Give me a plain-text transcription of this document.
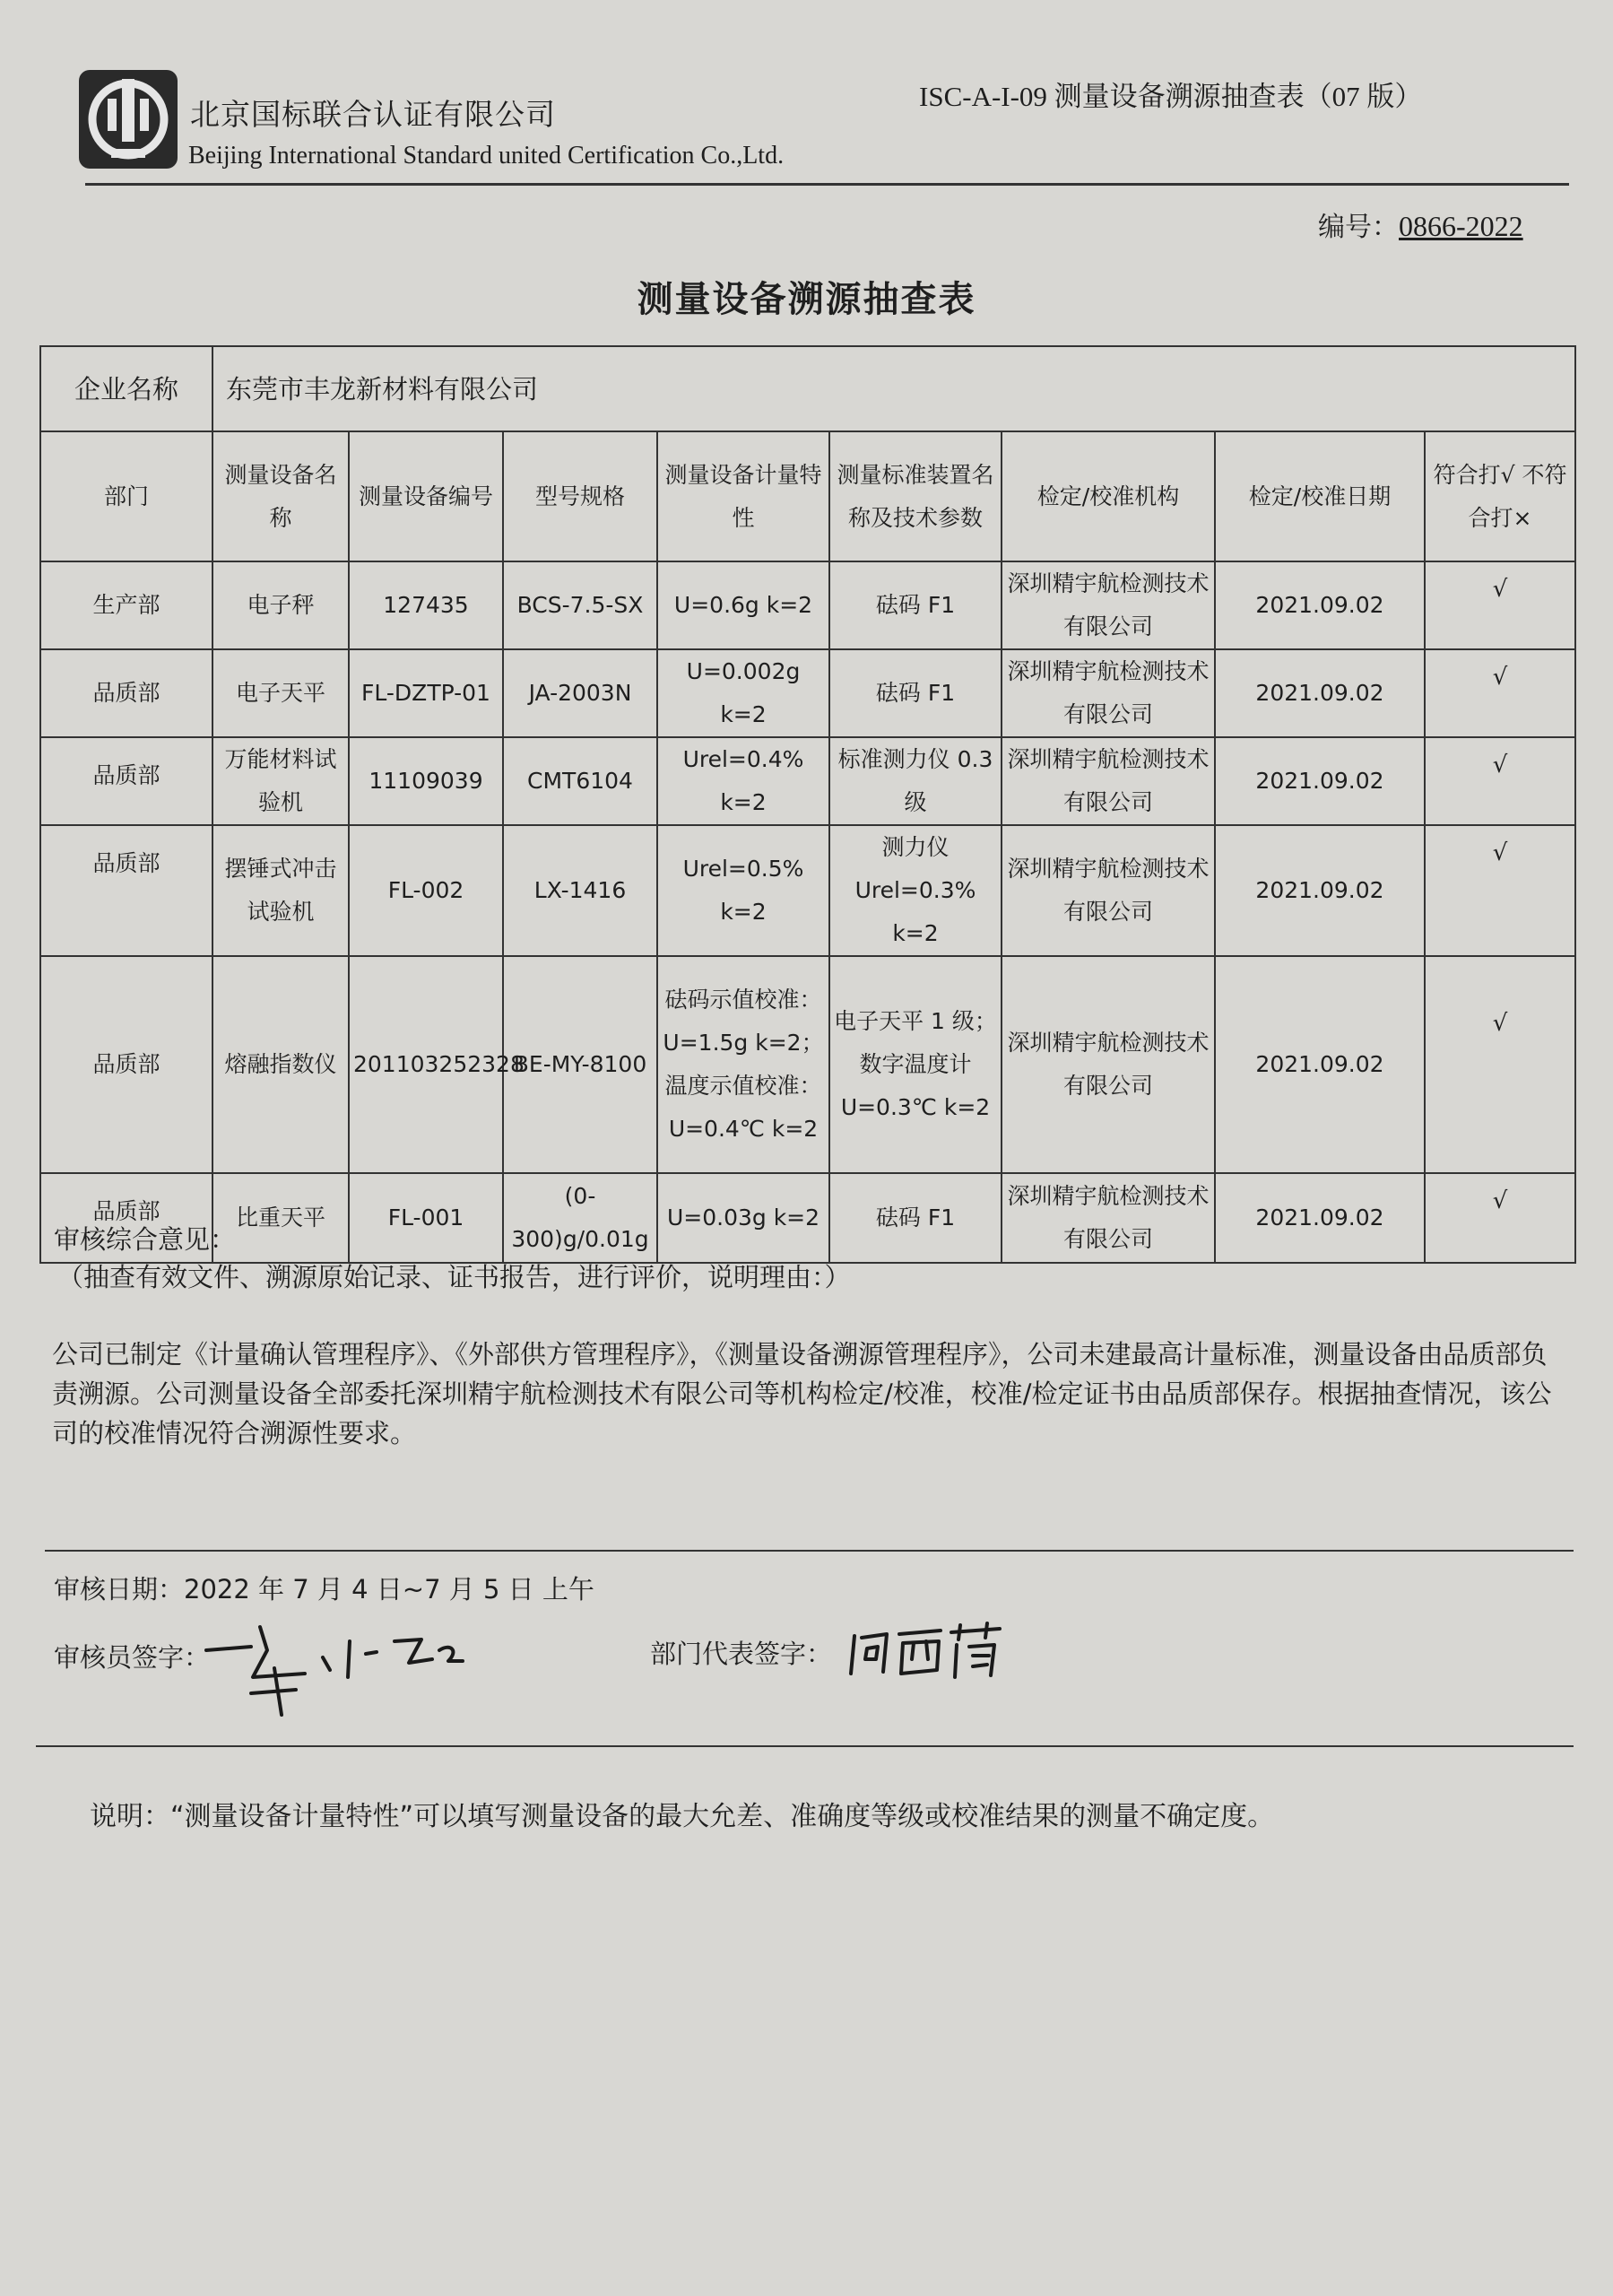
北京国标联合认证有限公司
Beijing International Standard united Certification Co.,Ltd.
ISC-A-I-09 测量设备溯源抽查表（07 版）
编号：0866-2022
测量设备溯源抽查表
企业名称	东莞市丰龙新材料有限公司							
部门	测量设备名称	测量设备编号	型号规格	测量设备计量特性	测量标准装置名称及技术参数	检定/校准机构	检定/校准日期	符合打√ 不符合打×
生产部	电子秤	127435	BCS-7.5-SX	U=0.6g k=2	砝码 F1	深圳精宇航检测技术有限公司	2021.09.02	√
品质部	电子天平	FL-DZTP-01	JA-2003N	U=0.002g k=2	砝码 F1	深圳精宇航检测技术有限公司	2021.09.02	√
品质部	万能材料试验机	11109039	CMT6104	Urel=0.4% k=2	标准测力仪 0.3 级	深圳精宇航检测技术有限公司	2021.09.02	√
品质部	摆锤式冲击试验机	FL-002	LX-1416	Urel=0.5% k=2	测力仪 Urel=0.3% k=2	深圳精宇航检测技术有限公司	2021.09.02	√
品质部	熔融指数仪	201103252328	BE-MY-8100	砝码示值校准：U=1.5g k=2；温度示值校准：U=0.4℃ k=2	电子天平 1 级；数字温度计 U=0.3℃ k=2	深圳精宇航检测技术有限公司	2021.09.02	√
品质部	比重天平	FL-001	(0-300)g/0.01g	U=0.03g k=2	砝码 F1	深圳精宇航检测技术有限公司	2021.09.02	√
审核综合意见：
（抽查有效文件、溯源原始记录、证书报告，进行评价，说明理由：）
公司已制定《计量确认管理程序》、《外部供方管理程序》，《测量设备溯源管理程序》，公司未建最高计量标准，测量设备由品质部负责溯源。公司测量设备全部委托深圳精宇航检测技术有限公司等机构检定/校准，校准/检定证书由品质部保存。根据抽查情况，该公司的校准情况符合溯源性要求。
审核日期：2022 年 7 月 4 日~7 月 5 日 上午
审核员签字：	部门代表签字：
说明：“测量设备计量特性”可以填写测量设备的最大允差、准确度等级或校准结果的测量不确定度。
